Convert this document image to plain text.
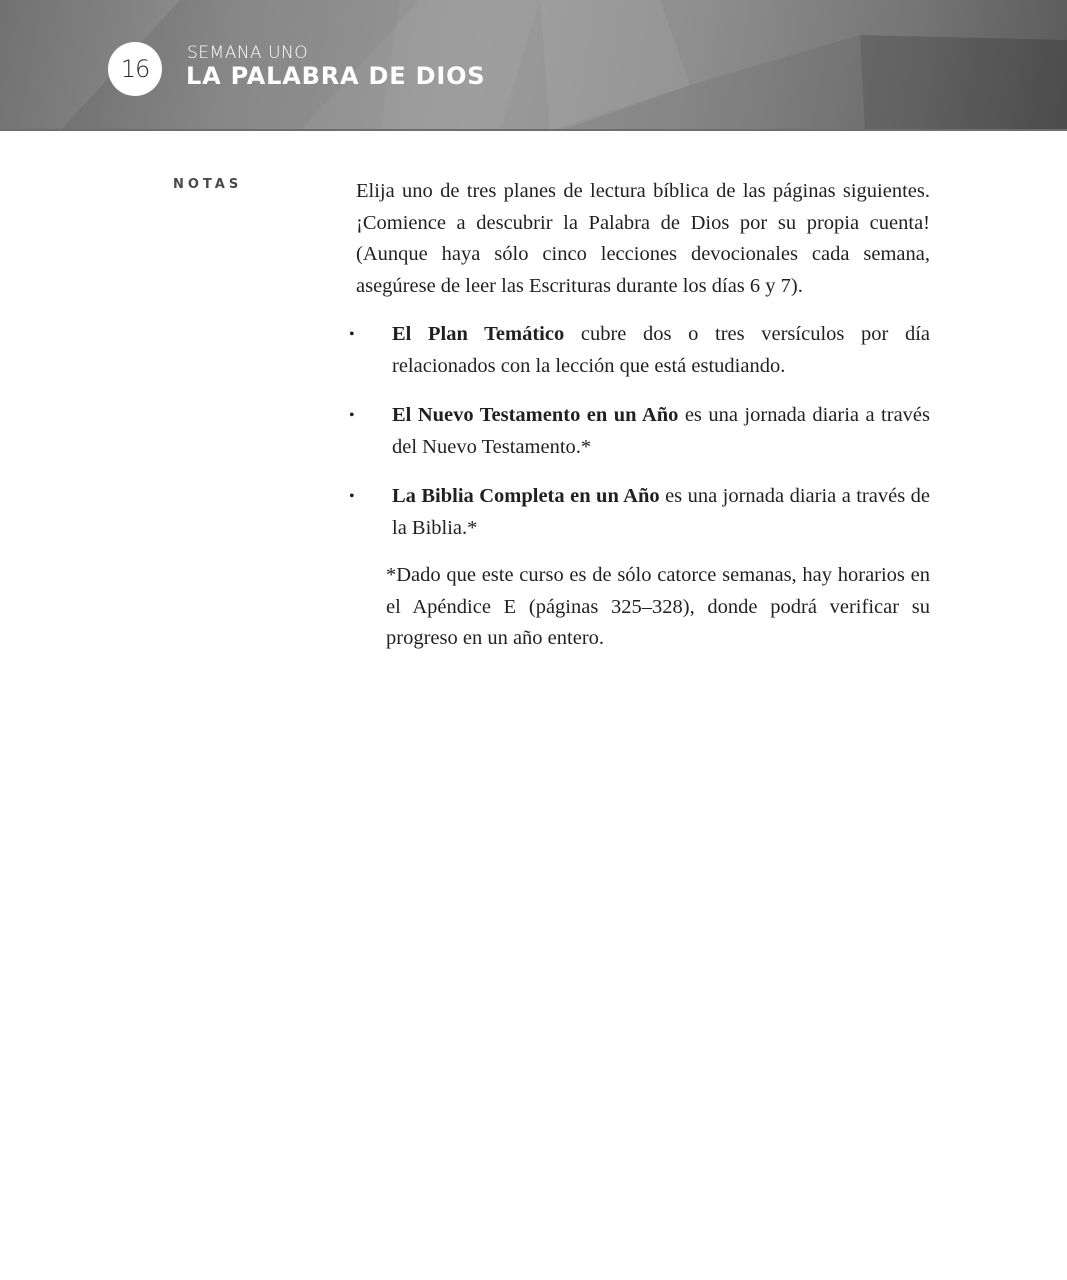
16
SEMANA UNO
LA PALABRA DE DIOS
NOTAS	Elija uno de tres planes de lectura bíblica de las páginas siguientes. ¡Comience a descubrir la Palabra de Dios por su propia cuenta! (Aunque haya sólo cinco lecciones devocionales cada semana, asegúrese de leer las Escrituras durante los días 6 y 7).

•	El Plan Temático cubre dos o tres versículos por día relacionados con la lección que está estudiando.
•	El Nuevo Testamento en un Año es una jornada diaria a través del Nuevo Testamento.*
•	La Biblia Completa en un Año es una jornada diaria a través de la Biblia.*

*Dado que este curso es de sólo catorce semanas, hay horarios en el Apéndice E (páginas 325–328), donde podrá verificar su progreso en un año entero.
